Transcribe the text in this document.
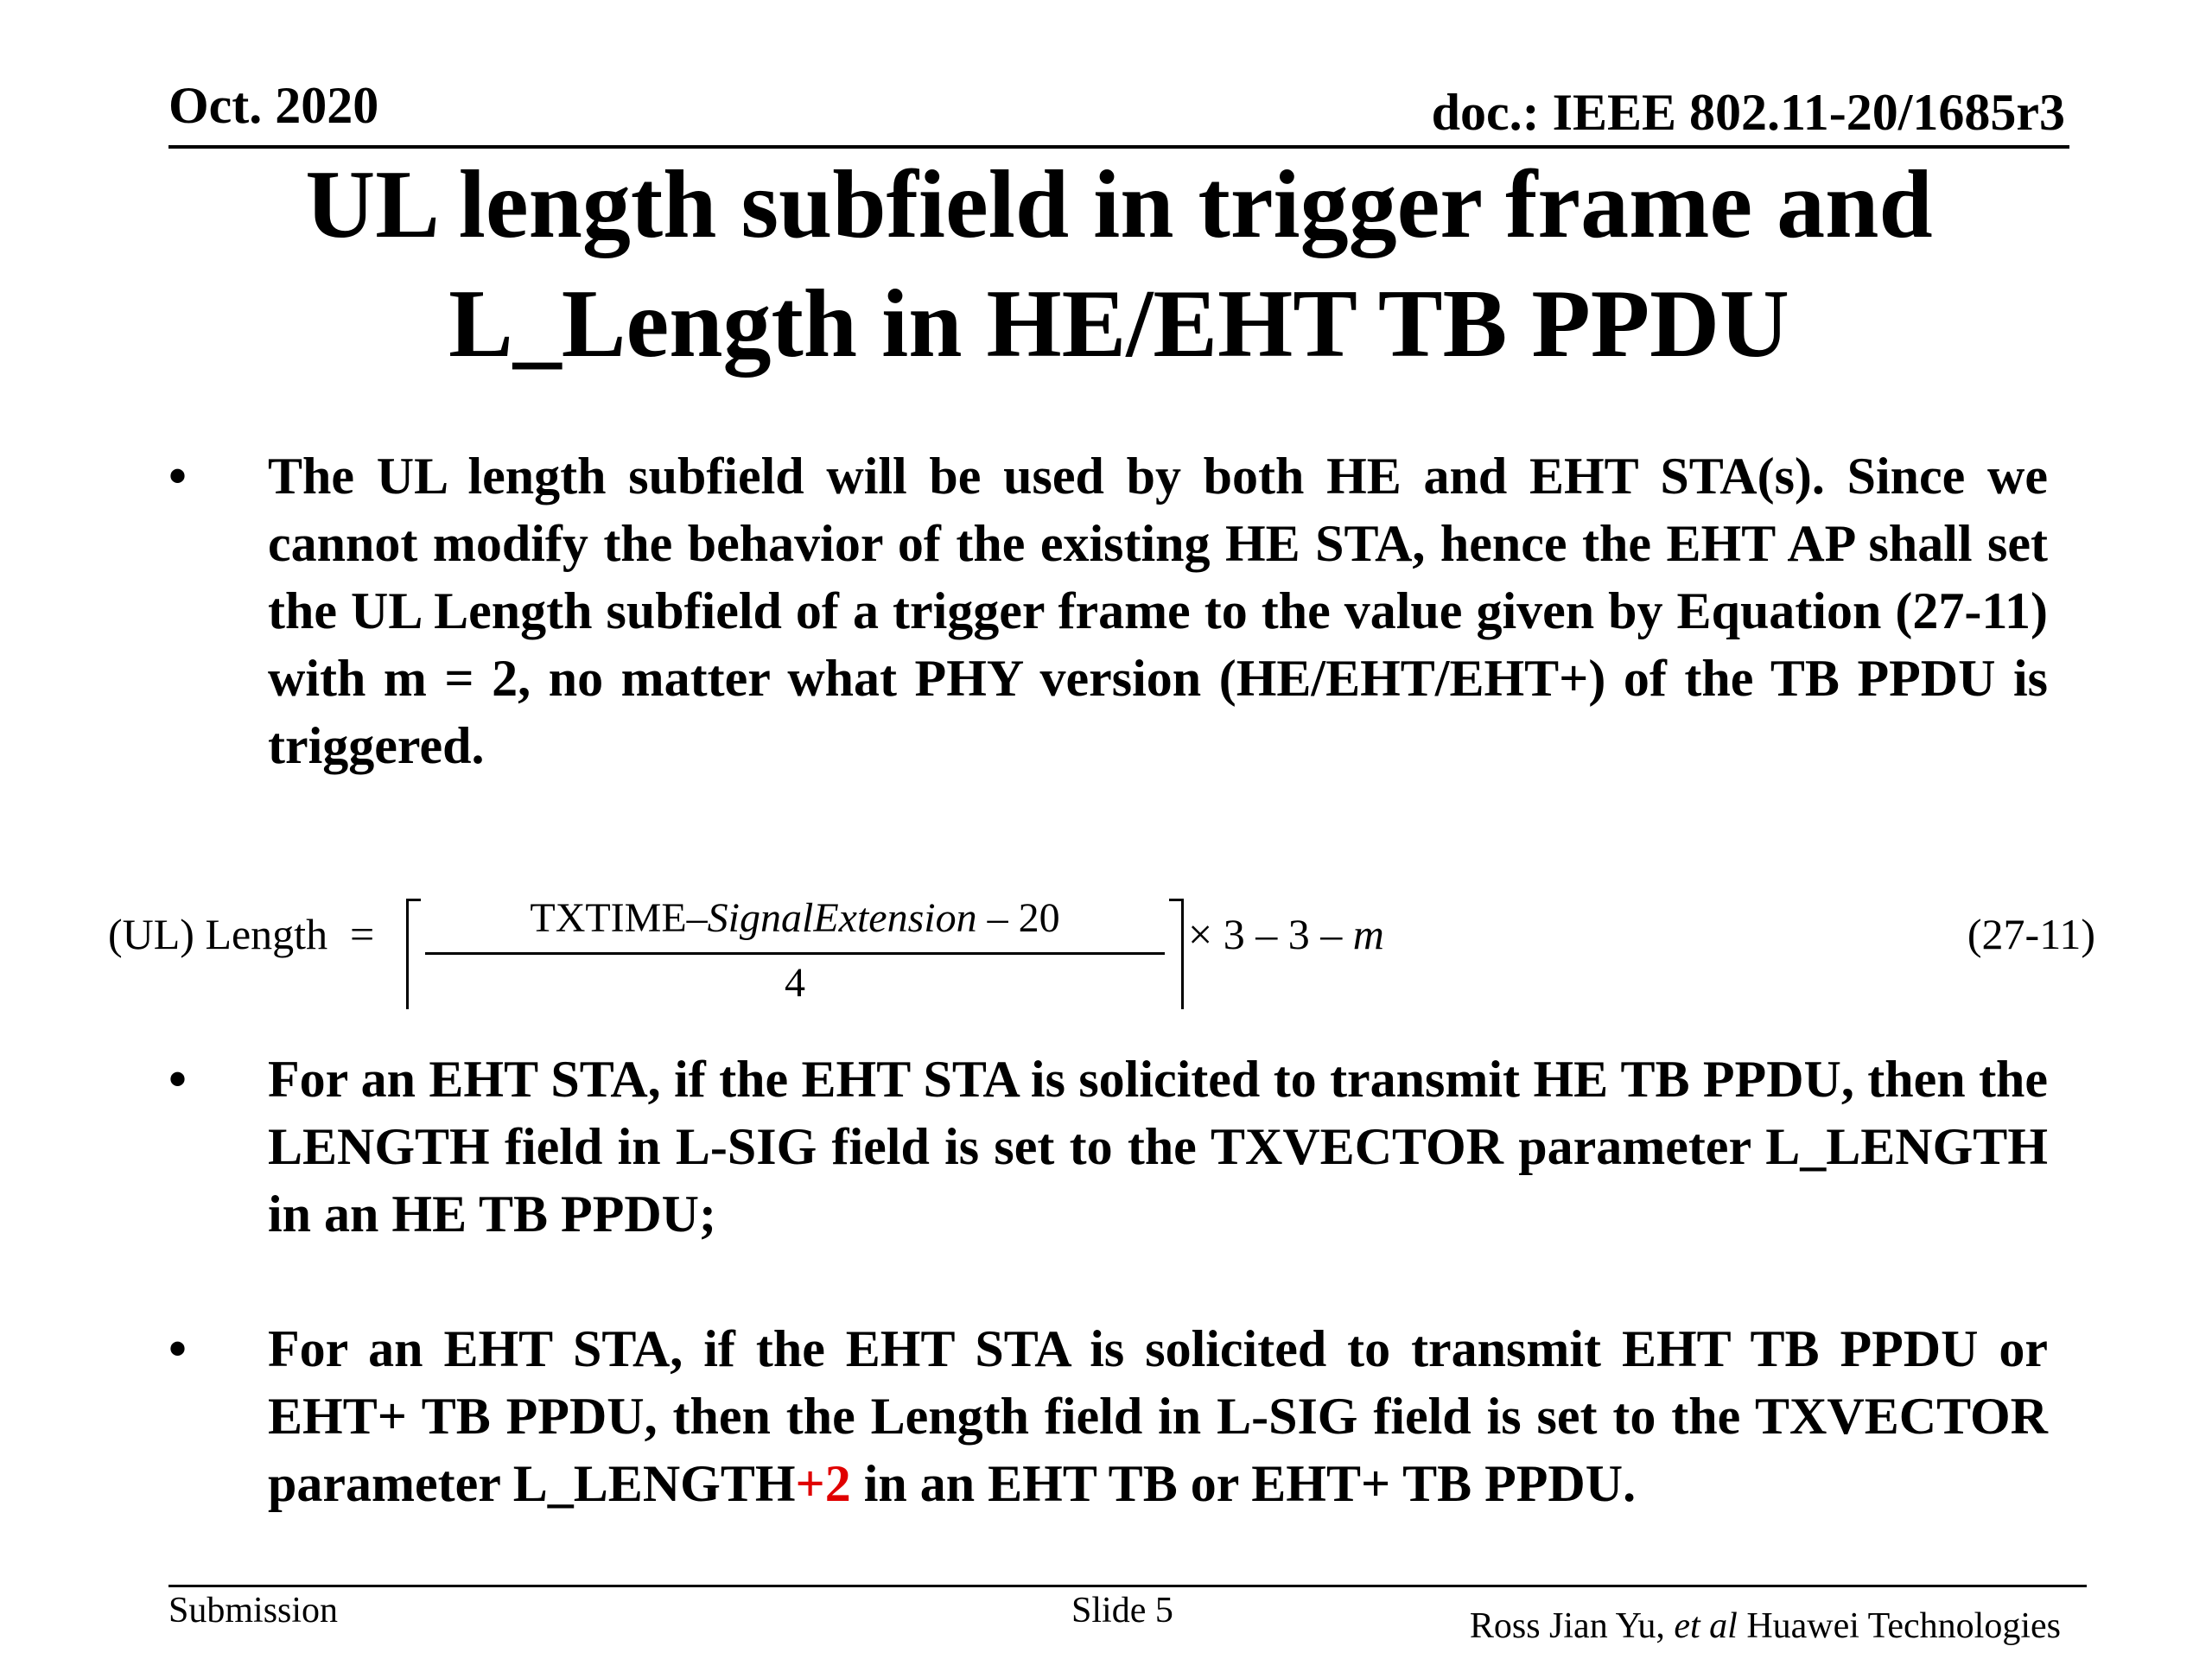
Oct. 2020	doc.: IEEE 802.11-20/1685r3
UL length subfield in trigger frame and
L_Length in HE/EHT TB PPDU
•	The UL length subfield will be used by both HE and EHT STA(s). Since we cannot modify the behavior of the existing HE STA, hence the EHT AP shall set the UL Length subfield of a trigger frame to the value given by Equation (27-11) with m = 2, no matter what PHY version (HE/EHT/EHT+) of the TB PPDU is triggered.
(UL) Length =	TXTIME–SignalExtension – 20
4
× 3 – 3 – m	(27-11)
•	For an EHT STA, if the EHT STA is solicited to transmit HE TB PPDU, then the LENGTH field in L-SIG field is set to the TXVECTOR parameter L_LENGTH in an HE TB PPDU;
•	For an EHT STA, if the EHT STA is solicited to transmit EHT TB PPDU or EHT+ TB PPDU, then the Length field in L-SIG field is set to the TXVECTOR parameter L_LENGTH+2 in an EHT TB or EHT+ TB PPDU.
Submission	Slide 5	Ross Jian Yu, et al Huawei Technologies
